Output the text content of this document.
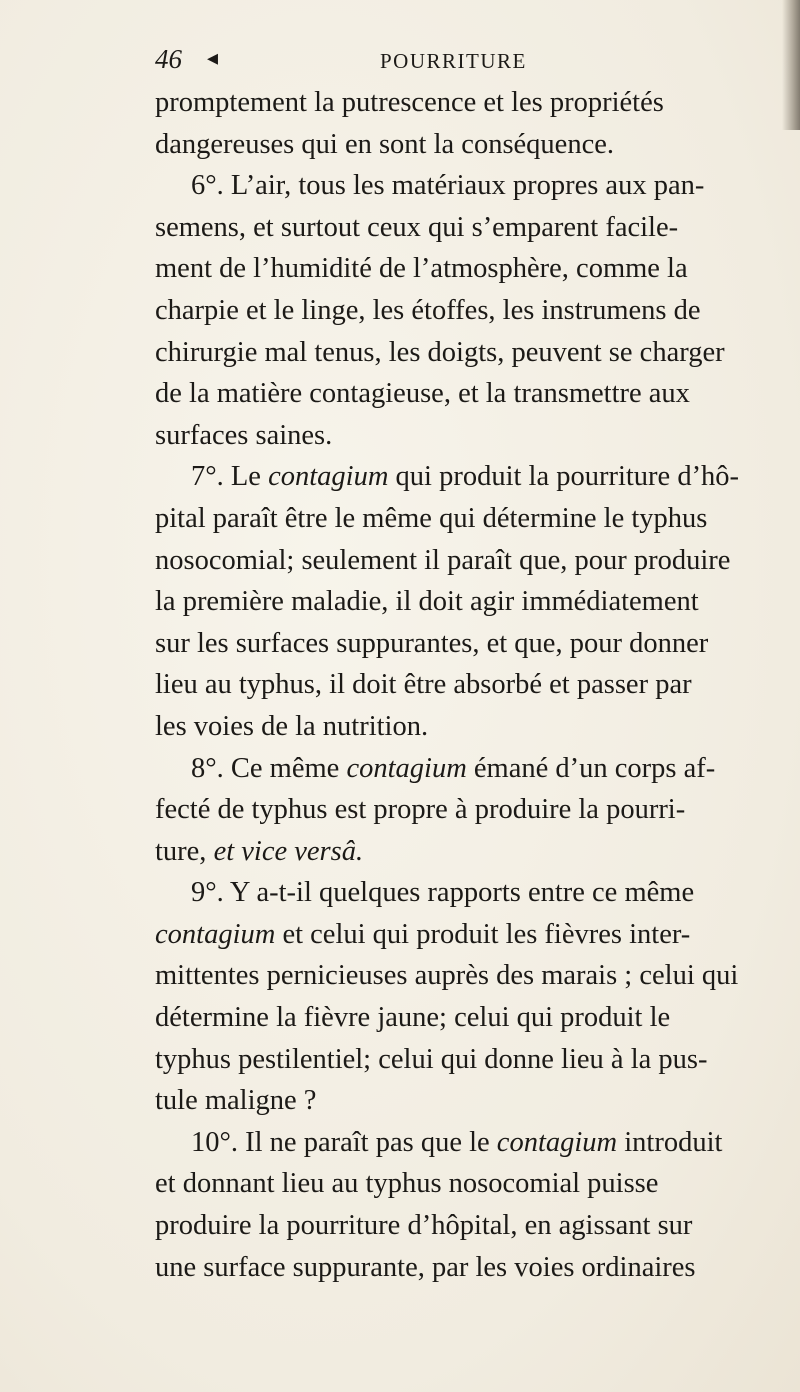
46 ◂	POURRITURE
promptement la putrescence et les propriétés
dangereuses qui en sont la conséquence.
6°. L’air, tous les matériaux propres aux pan-
semens, et surtout ceux qui s’emparent facile-
ment de l’humidité de l’atmosphère, comme la
charpie et le linge, les étoffes, les instrumens de
chirurgie mal tenus, les doigts, peuvent se charger
de la matière contagieuse, et la transmettre aux
surfaces saines.
7°. Le contagium qui produit la pourriture d’hô-
pital paraît être le même qui détermine le typhus
nosocomial; seulement il paraît que, pour produire
la première maladie, il doit agir immédiatement
sur les surfaces suppurantes, et que, pour donner
lieu au typhus, il doit être absorbé et passer par
les voies de la nutrition.
8°. Ce même contagium émané d’un corps af-
fecté de typhus est propre à produire la pourri-
ture, et vice versâ.
9°. Y a-t-il quelques rapports entre ce même
contagium et celui qui produit les fièvres inter-
mittentes pernicieuses auprès des marais ; celui qui
détermine la fièvre jaune; celui qui produit le
typhus pestilentiel; celui qui donne lieu à la pus-
tule maligne ?
10°. Il ne paraît pas que le contagium introduit
et donnant lieu au typhus nosocomial puisse
produire la pourriture d’hôpital, en agissant sur
une surface suppurante, par les voies ordinaires
